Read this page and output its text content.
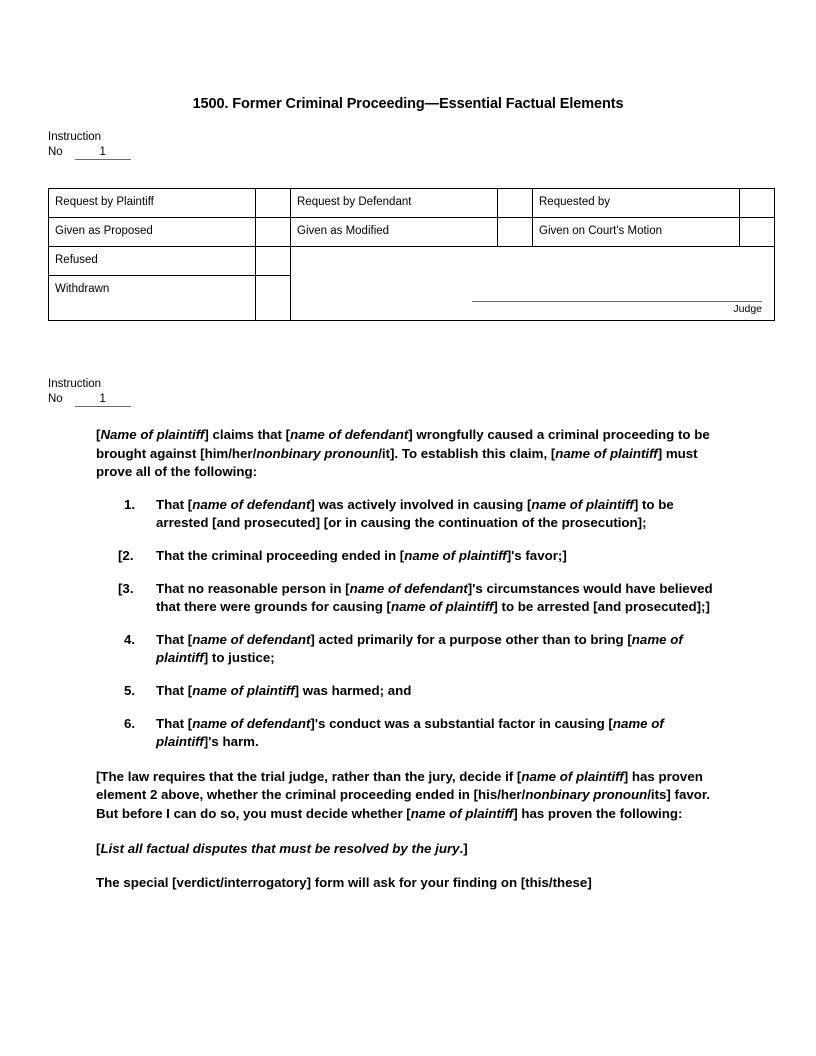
1500. Former Criminal Proceeding—Essential Factual Elements
Instruction
No	1
Request by Plaintiff		Request by Defendant		Requested by	

Given as Proposed		Given as Modified		Given on Court's Motion	

Refused		Judge			

Withdrawn					

Instruction
No	1

[Name of plaintiff] claims that [name of defendant] wrongfully caused a criminal proceeding to be brought against [him/her/nonbinary pronoun/it]. To establish this claim, [name of plaintiff] must prove all of the following:

1.	That [name of defendant] was actively involved in causing [name of plaintiff] to be arrested [and prosecuted] [or in causing the continuation of the prosecution];
[2.	That the criminal proceeding ended in [name of plaintiff]'s favor;]
[3.	That no reasonable person in [name of defendant]'s circumstances would have believed that there were grounds for causing [name of plaintiff] to be arrested [and prosecuted];]
4.	That [name of defendant] acted primarily for a purpose other than to bring [name of plaintiff] to justice;
5.	That [name of plaintiff] was harmed; and
6.	That [name of defendant]'s conduct was a substantial factor in causing [name of plaintiff]'s harm.

[The law requires that the trial judge, rather than the jury, decide if [name of plaintiff] has proven element 2 above, whether the criminal proceeding ended in [his/her/nonbinary pronoun/its] favor. But before I can do so, you must decide whether [name of plaintiff] has proven the following:

[List all factual disputes that must be resolved by the jury.]

The special [verdict/interrogatory] form will ask for your finding on [this/these]
